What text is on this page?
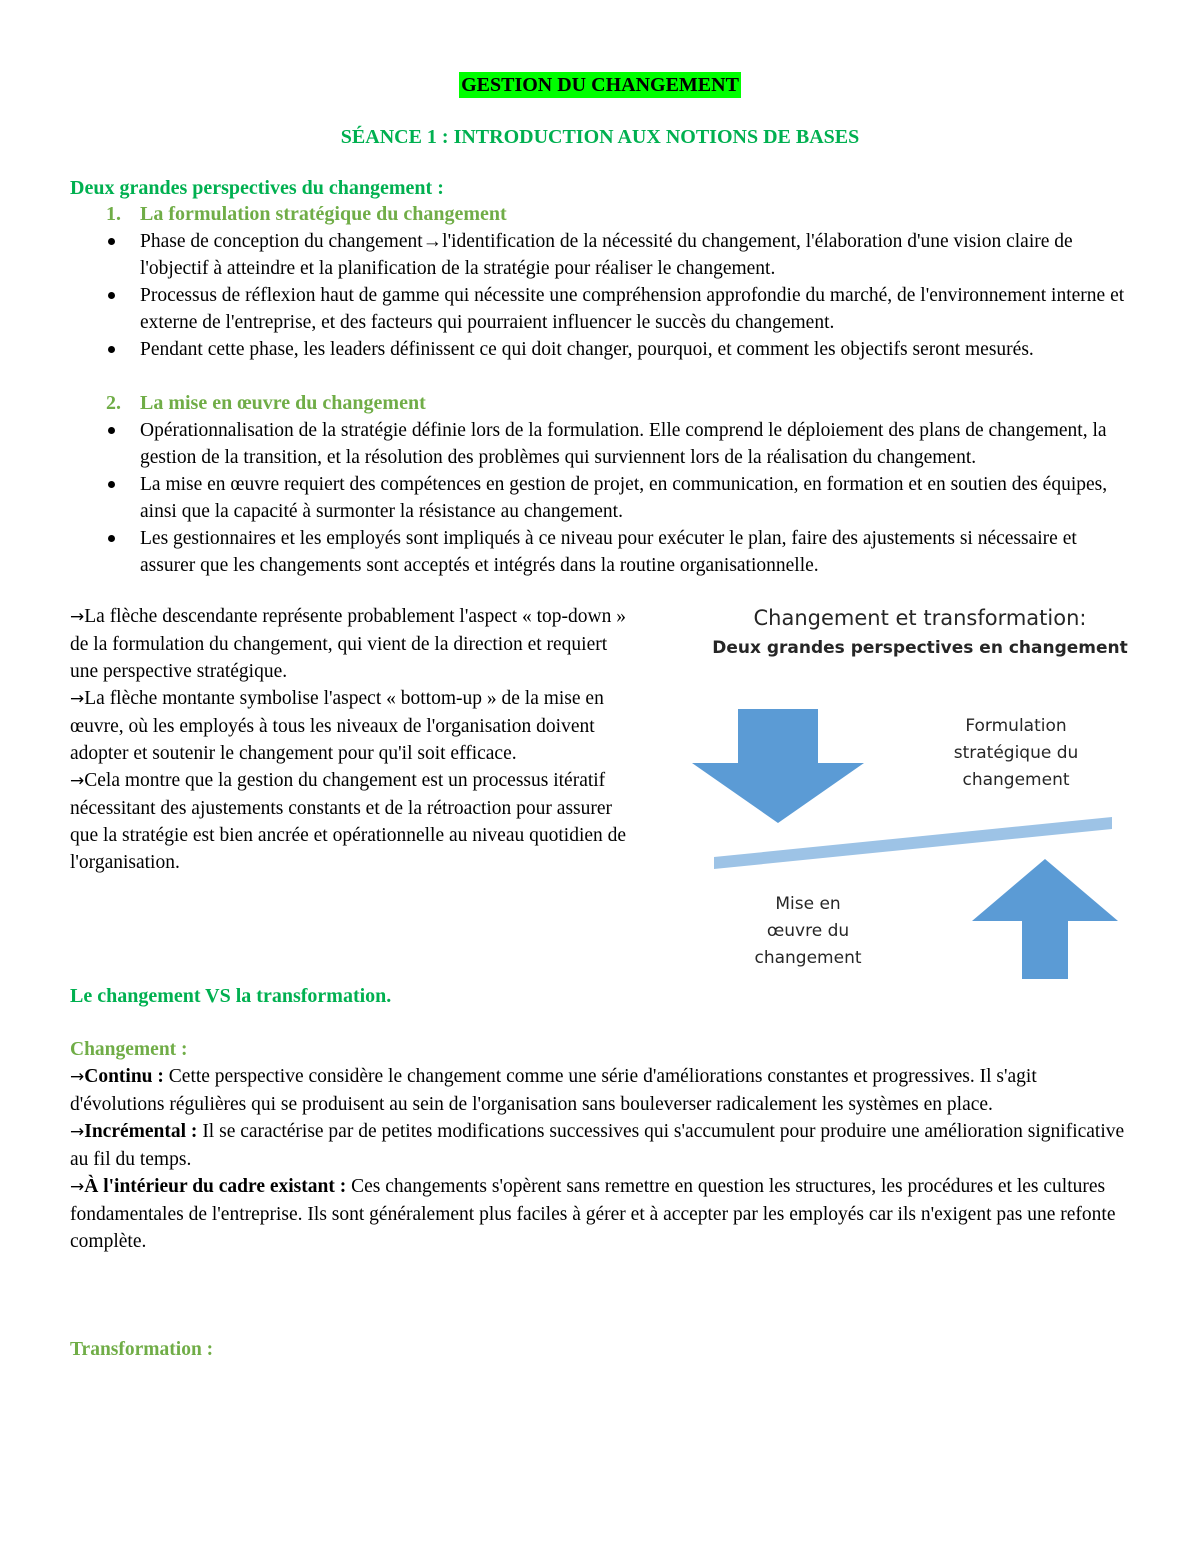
GESTION DU CHANGEMENT
SÉANCE 1 : INTRODUCTION AUX NOTIONS DE BASES
Deux grandes perspectives du changement :
1. La formulation stratégique du changement
Phase de conception du changement→l'identification de la nécessité du changement, l'élaboration d'une vision claire de l'objectif à atteindre et la planification de la stratégie pour réaliser le changement.
Processus de réflexion haut de gamme qui nécessite une compréhension approfondie du marché, de l'environnement interne et externe de l'entreprise, et des facteurs qui pourraient influencer le succès du changement.
Pendant cette phase, les leaders définissent ce qui doit changer, pourquoi, et comment les objectifs seront mesurés.
2. La mise en œuvre du changement
Opérationnalisation de la stratégie définie lors de la formulation. Elle comprend le déploiement des plans de changement, la gestion de la transition, et la résolution des problèmes qui surviennent lors de la réalisation du changement.
La mise en œuvre requiert des compétences en gestion de projet, en communication, en formation et en soutien des équipes, ainsi que la capacité à surmonter la résistance au changement.
Les gestionnaires et les employés sont impliqués à ce niveau pour exécuter le plan, faire des ajustements si nécessaire et assurer que les changements sont acceptés et intégrés dans la routine organisationnelle.
→La flèche descendante représente probablement l'aspect « top-down » de la formulation du changement, qui vient de la direction et requiert une perspective stratégique.
→La flèche montante symbolise l'aspect « bottom-up » de la mise en œuvre, où les employés à tous les niveaux de l'organisation doivent adopter et soutenir le changement pour qu'il soit efficace.
→Cela montre que la gestion du changement est un processus itératif nécessitant des ajustements constants et de la rétroaction pour assurer que la stratégie est bien ancrée et opérationnelle au niveau quotidien de l'organisation.
Changement et transformation:
Deux grandes perspectives en changement
Formulation
stratégique du
changement
Mise en
œuvre du
changement
Le changement VS la transformation.
Changement :
→Continu : Cette perspective considère le changement comme une série d'améliorations constantes et progressives. Il s'agit d'évolutions régulières qui se produisent au sein de l'organisation sans bouleverser radicalement les systèmes en place.
→Incrémental : Il se caractérise par de petites modifications successives qui s'accumulent pour produire une amélioration significative au fil du temps.
→À l'intérieur du cadre existant : Ces changements s'opèrent sans remettre en question les structures, les procédures et les cultures fondamentales de l'entreprise. Ils sont généralement plus faciles à gérer et à accepter par les employés car ils n'exigent pas une refonte complète.
Transformation :
